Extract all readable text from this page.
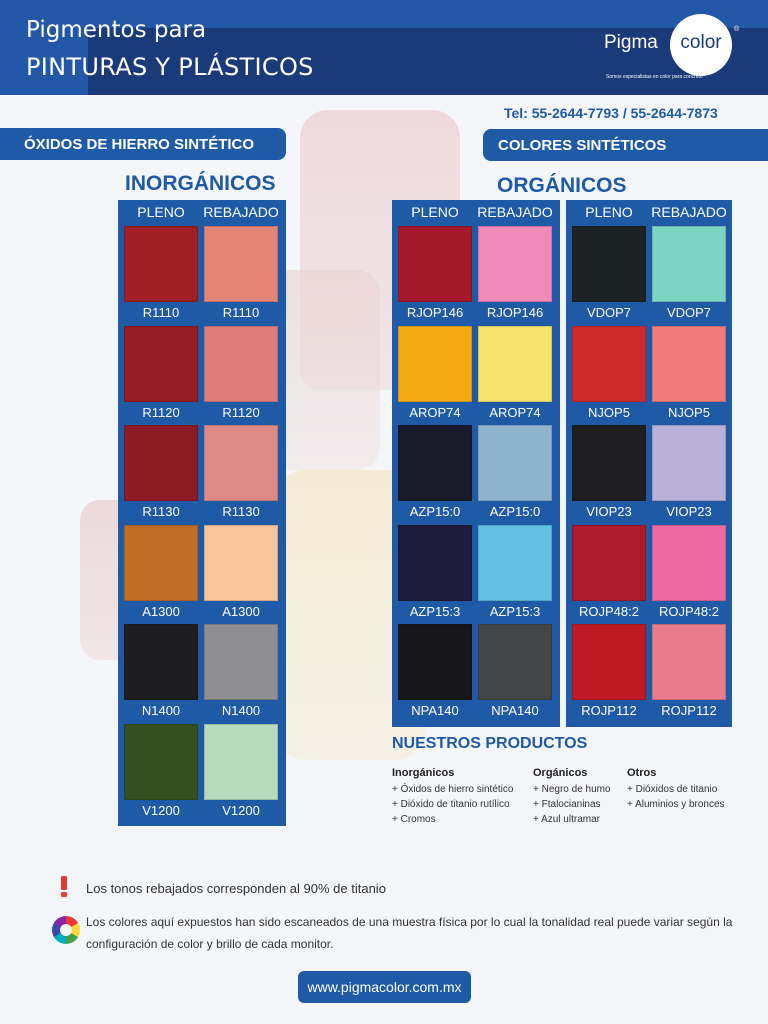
Pigmentos para
PINTURAS Y PLÁSTICOS
Pigma	color
®
Somos especialistas en color para concreto
Tel: 55-2644-7793 / 55-2644-7873
ÓXIDOS DE HIERRO SINTÉTICO	COLORES SINTÉTICOS
INORGÁNICOS	ORGÁNICOS
PLENO	REBAJADO
R1110	R1110
R1120	R1120
R1130	R1130
A1300	A1300
N1400	N1400
V1200	V1200
PLENO	REBAJADO
RJOP146	RJOP146
AROP74	AROP74
AZP15:0	AZP15:0
AZP15:3	AZP15:3
NPA140	NPA140
PLENO	REBAJADO
VDOP7	VDOP7
NJOP5	NJOP5
VIOP23	VIOP23
ROJP48:2	ROJP48:2
ROJP112	ROJP112
NUESTROS PRODUCTOS
Inorgánicos
+ Óxidos de hierro sintético
+ Dióxido de titanio rutílico
+ Cromos
Orgánicos
+ Negro de humo
+ Ftalocianinas
+ Azul ultramar
Otros
+ Dióxidos de titanio
+ Aluminios y bronces
Los tonos rebajados corresponden al 90% de titanio
Los colores aquí expuestos han sido escaneados de una muestra física por lo cual la tonalidad real puede variar según la configuración de color y brillo de cada monitor.
www.pigmacolor.com.mx
